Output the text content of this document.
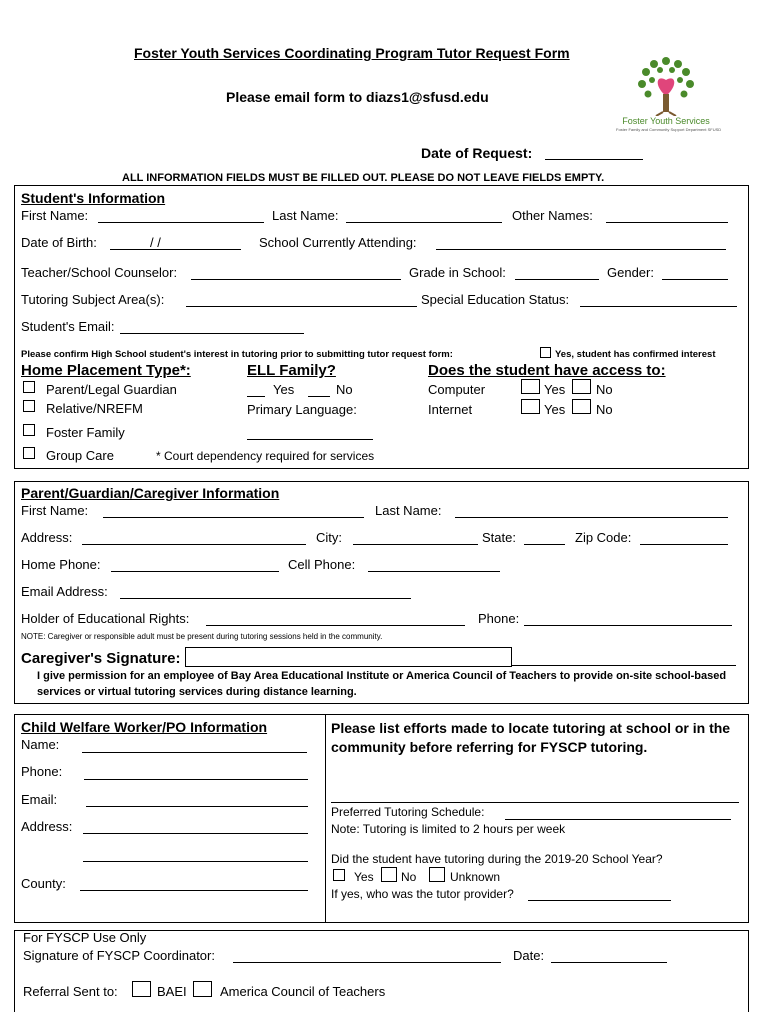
Foster Youth Services Coordinating Program Tutor Request Form
Please email form to diazs1@sfusd.edu
Foster Youth Services
Foster Family and Community Support Department SFUSD
Date of Request:
ALL INFORMATION FIELDS MUST BE FILLED OUT. PLEASE DO NOT LEAVE FIELDS EMPTY.
Student's Information
First Name:	Last Name:	Other Names:
Date of Birth:	/ /	School Currently Attending:
Teacher/School Counselor:	Grade in School:	Gender:
Tutoring Subject Area(s):	Special Education Status:
Student's Email:
Please confirm High School student's interest in tutoring prior to submitting tutor request form:	Yes, student has confirmed interest
Home Placement Type*:
Parent/Legal Guardian
Relative/NREFM
Foster Family
Group Care	* Court dependency required for services
ELL Family?
Yes	No
Primary Language:
Does the student have access to:
Computer	Yes No
Internet	Yes No
Parent/Guardian/Caregiver Information
First Name:	Last Name:
Address:	City:	State:	Zip Code:
Home Phone:	Cell Phone:
Email Address:
Holder of Educational Rights:	Phone:
NOTE: Caregiver or responsible adult must be present during tutoring sessions held in the community.
Caregiver's Signature:
I give permission for an employee of Bay Area Educational Institute or America Council of Teachers to provide on-site school-based services or virtual tutoring services during distance learning.
Child Welfare Worker/PO Information
Name:
Phone:
Email:
Address:
County:
Please list efforts made to locate tutoring at school or in the community before referring for FYSCP tutoring.
Preferred Tutoring Schedule:
Note: Tutoring is limited to 2 hours per week
Did the student have tutoring during the 2019-20 School Year?
Yes No	Unknown
If yes, who was the tutor provider?
For FYSCP Use Only
Signature of FYSCP Coordinator:	Date:
Referral Sent to:	BAEI	America Council of Teachers
